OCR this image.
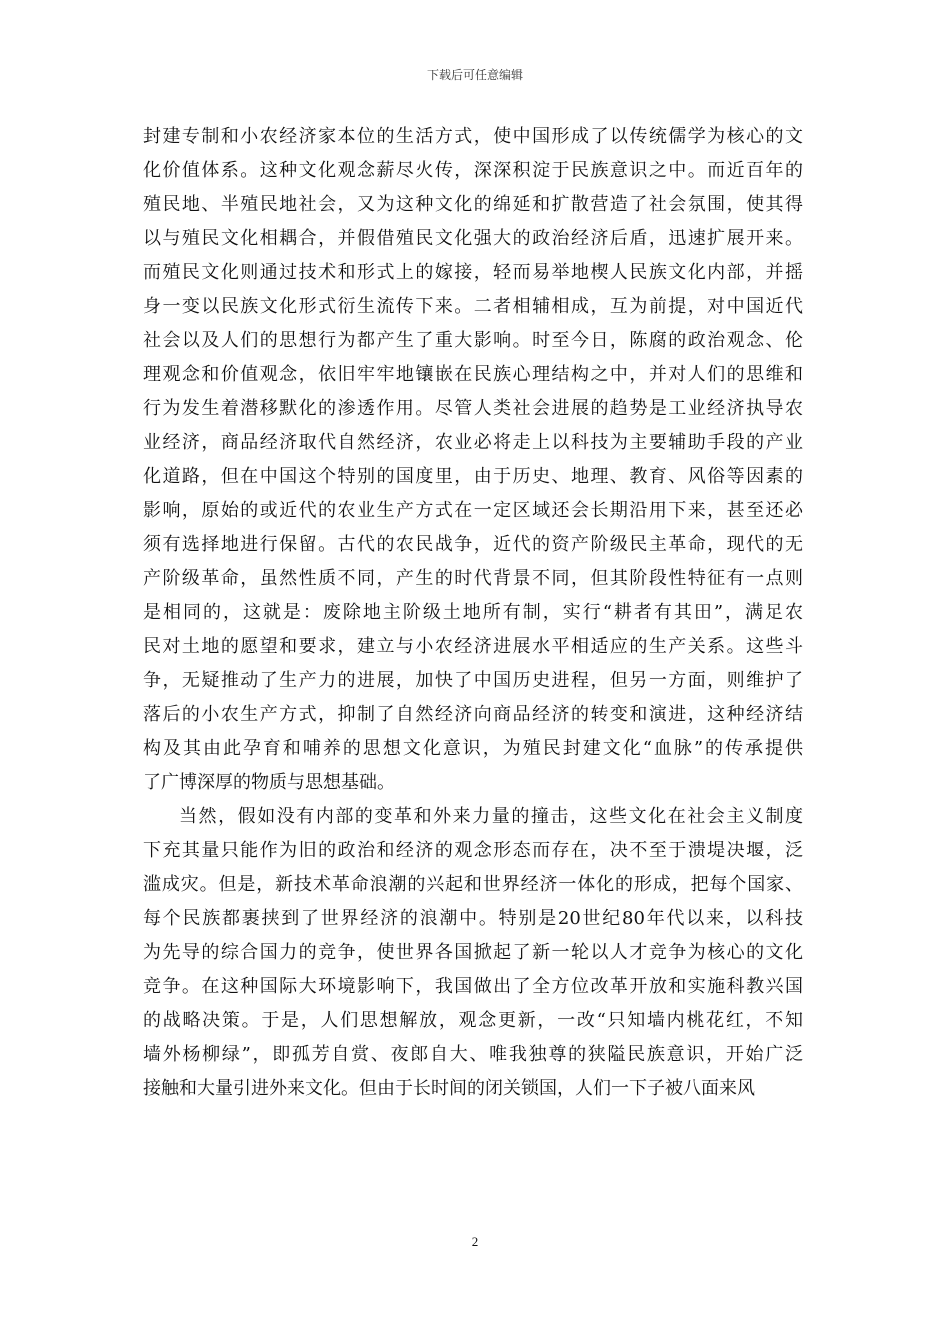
下载后可任意编辑
封建专制和小农经济家本位的生活方式，使中国形成了以传统儒学为核心的文
化价值体系。这种文化观念薪尽火传，深深积淀于民族意识之中。而近百年的
殖民地、半殖民地社会，又为这种文化的绵延和扩散营造了社会氛围，使其得
以与殖民文化相耦合，并假借殖民文化强大的政治经济后盾，迅速扩展开来。
而殖民文化则通过技术和形式上的嫁接，轻而易举地楔人民族文化内部，并摇
身一变以民族文化形式衍生流传下来。二者相辅相成，互为前提，对中国近代
社会以及人们的思想行为都产生了重大影响。时至今日，陈腐的政治观念、伦
理观念和价值观念，依旧牢牢地镶嵌在民族心理结构之中，并对人们的思维和
行为发生着潜移默化的渗透作用。尽管人类社会进展的趋势是工业经济执导农
业经济，商品经济取代自然经济，农业必将走上以科技为主要辅助手段的产业
化道路，但在中国这个特别的国度里，由于历史、地理、教育、风俗等因素的
影响，原始的或近代的农业生产方式在一定区域还会长期沿用下来，甚至还必
须有选择地进行保留。古代的农民战争，近代的资产阶级民主革命，现代的无
产阶级革命，虽然性质不同，产生的时代背景不同，但其阶段性特征有一点则
是相同的，这就是：废除地主阶级土地所有制，实行“耕者有其田”，满足农
民对土地的愿望和要求，建立与小农经济进展水平相适应的生产关系。这些斗
争，无疑推动了生产力的进展，加快了中国历史进程，但另一方面，则维护了
落后的小农生产方式，抑制了自然经济向商品经济的转变和演进，这种经济结
构及其由此孕育和哺养的思想文化意识，为殖民封建文化“血脉”的传承提供
了广博深厚的物质与思想基础。
当然，假如没有内部的变革和外来力量的撞击，这些文化在社会主义制度
下充其量只能作为旧的政治和经济的观念形态而存在，决不至于溃堤决堰，泛
滥成灾。但是，新技术革命浪潮的兴起和世界经济一体化的形成，把每个国家、
每个民族都裹挟到了世界经济的浪潮中。特别是20世纪80年代以来，以科技
为先导的综合国力的竞争，使世界各国掀起了新一轮以人才竞争为核心的文化
竞争。在这种国际大环境影响下，我国做出了全方位改革开放和实施科教兴国
的战略决策。于是，人们思想解放，观念更新，一改“只知墙内桃花红，不知
墙外杨柳绿”，即孤芳自赏、夜郎自大、唯我独尊的狭隘民族意识，开始广泛
接触和大量引进外来文化。但由于长时间的闭关锁国，人们一下子被八面来风
2
